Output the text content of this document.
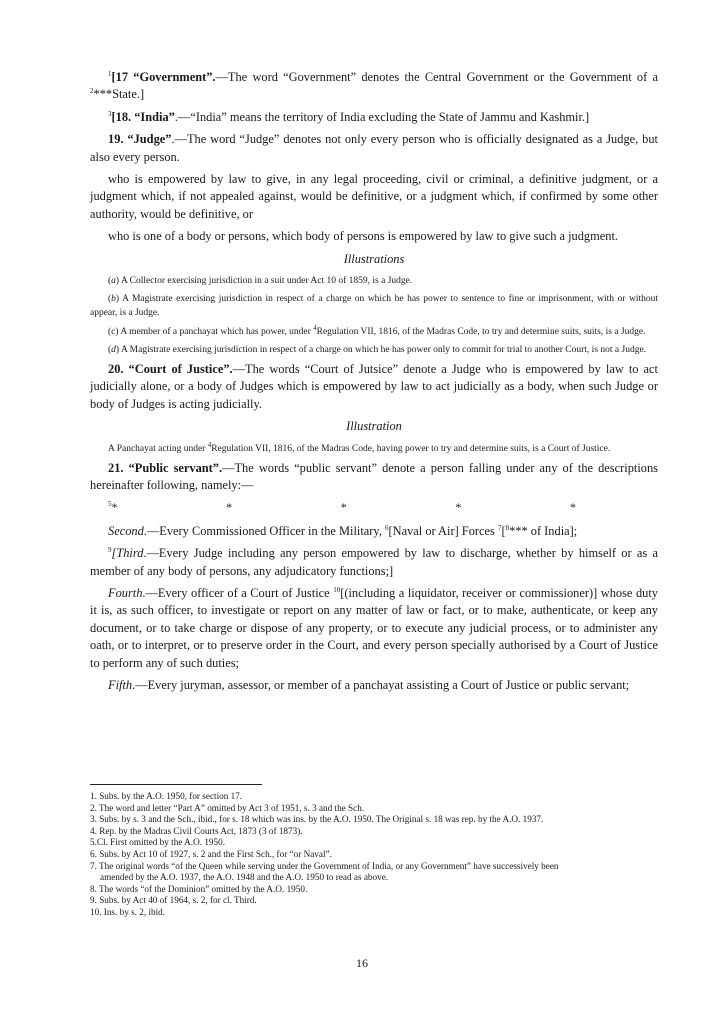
$^1$[17 “Government”.—The word “Government” denotes the Central Government or the Government of a $^2$***State.]

$^3$[18. “India”.—“India” means the territory of India excluding the State of Jammu and Kashmir.]

19. “Judge”.—The word “Judge” denotes not only every person who is officially designated as a Judge, but also every person.

who is empowered by law to give, in any legal proceeding, civil or criminal, a definitive judgment, or a judgment which, if not appealed against, would be definitive, or a judgment which, if confirmed by some other authority, would be definitive, or

who is one of a body or persons, which body of persons is empowered by law to give such a judgment.

Illustrations

(a) A Collector exercising jurisdiction in a suit under Act 10 of 1859, is a Judge.

(b) A Magistrate exercising jurisdiction in respect of a charge on which he has power to sentence to fine or imprisonment, with or without appear, is a Judge.

(c) A member of a panchayat which has power, under $^4$Regulation VII, 1816, of the Madras Code, to try and determine suits, suits, is a Judge.

(d) A Magistrate exercising jurisdiction in respect of a charge on which he has power only to commit for trial to another Court, is not a Judge.

20. “Court of Justice”.—The words “Court of Jutsice” denote a Judge who is empowered by law to act judicially alone, or a body of Judges which is empowered by law to act judicially as a body, when such Judge or body of Judges is acting judicially.

Illustration

A Panchayat acting under $^4$Regulation VII, 1816, of the Madras Code, having power to try and determine suits, is a Court of Justice.

21. “Public servant”.—The words “public servant” denote a person falling under any of the descriptions hereinafter following, namely:—

$^5$*	*	*	*	*

Second.—Every Commissioned Officer in the Military, $^6$[Naval or Air] Forces $^7$[$^8$*** of India];

$^9$[Third.—Every Judge including any person empowered by law to discharge, whether by himself or as a member of any body of persons, any adjudicatory functions;]

Fourth.—Every officer of a Court of Justice $^{10}$[(including a liquidator, receiver or commissioner)] whose duty it is, as such officer, to investigate or report on any matter of law or fact, or to make, authenticate, or keep any document, or to take charge or dispose of any property, or to execute any judicial process, or to administer any oath, or to interpret, or to preserve order in the Court, and every person specially authorised by a Court of Justice to perform any of such duties;

Fifth.—Every juryman, assessor, or member of a panchayat assisting a Court of Justice or public servant;

1. Subs. by the A.O. 1950, for section 17.

2. The word and letter “Part A” omitted by Act 3 of 1951, s. 3 and the Sch.

3. Subs. by s. 3 and the Sch., ibid., for s. 18 which was ins. by the A.O. 1950. The Original s. 18 was rep. by the A.O. 1937.

4. Rep. by the Madras Civil Courts Act, 1873 (3 of 1873).

5.Cl. First omitted by the A.O. 1950.

6. Subs. by Act 10 of 1927, s. 2 and the First Sch., for “or Naval”.

7. The original words “of the Queen while serving under the Government of India, or any Government” have successively been

amended by the A.O. 1937, the A.O. 1948 and the A.O. 1950 to read as above.

8. The words “of the Dominion” omitted by the A.O. 1950.

9. Subs. by Act 40 of 1964, s. 2, for cl. Third.

10. Ins. by s. 2, ibid.

16
